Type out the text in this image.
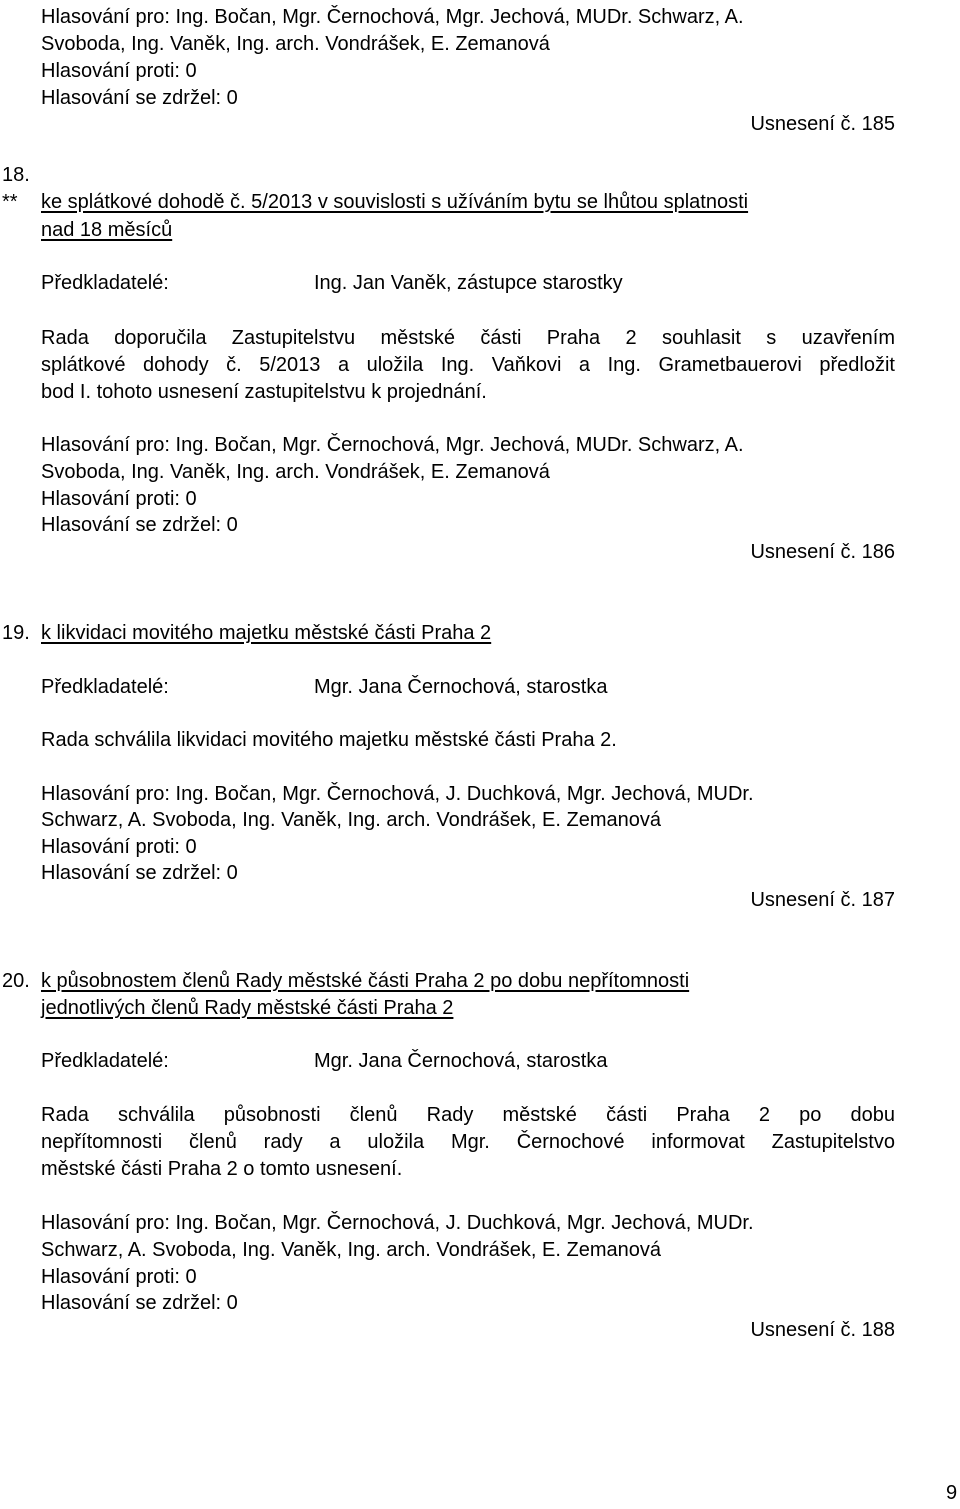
Hlasování pro: Ing. Bočan, Mgr. Černochová, Mgr. Jechová, MUDr. Schwarz, A.
Svoboda, Ing. Vaněk, Ing. arch. Vondrášek, E. Zemanová
Hlasování proti: 0
Hlasování se zdržel: 0
Usnesení č. 185
18.
** ke splátkové dohodě č. 5/2013 v souvislosti s užíváním bytu se lhůtou splatnosti
nad 18 měsíců
Předkladatelé:	Ing. Jan Vaněk, zástupce starostky
Rada doporučila Zastupitelstvu městské části Praha 2 souhlasit s uzavřením
splátkové dohody č. 5/2013 a uložila Ing. Vaňkovi a Ing. Grametbauerovi předložit
bod I. tohoto usnesení zastupitelstvu k projednání.
Hlasování pro: Ing. Bočan, Mgr. Černochová, Mgr. Jechová, MUDr. Schwarz, A.
Svoboda, Ing. Vaněk, Ing. arch. Vondrášek, E. Zemanová
Hlasování proti: 0
Hlasování se zdržel: 0
Usnesení č. 186
19. k likvidaci movitého majetku městské části Praha 2
Předkladatelé:	Mgr. Jana Černochová, starostka
Rada schválila likvidaci movitého majetku městské části Praha 2.
Hlasování pro: Ing. Bočan, Mgr. Černochová, J. Duchková, Mgr. Jechová, MUDr.
Schwarz, A. Svoboda, Ing. Vaněk, Ing. arch. Vondrášek, E. Zemanová
Hlasování proti: 0
Hlasování se zdržel: 0
Usnesení č. 187
20. k působnostem členů Rady městské části Praha 2 po dobu nepřítomnosti
jednotlivých členů Rady městské části Praha 2
Předkladatelé:	Mgr. Jana Černochová, starostka
Rada schválila působnosti členů Rady městské části Praha 2 po dobu
nepřítomnosti členů rady a uložila Mgr. Černochové informovat Zastupitelstvo
městské části Praha 2 o tomto usnesení.
Hlasování pro: Ing. Bočan, Mgr. Černochová, J. Duchková, Mgr. Jechová, MUDr.
Schwarz, A. Svoboda, Ing. Vaněk, Ing. arch. Vondrášek, E. Zemanová
Hlasování proti: 0
Hlasování se zdržel: 0
Usnesení č. 188
9
